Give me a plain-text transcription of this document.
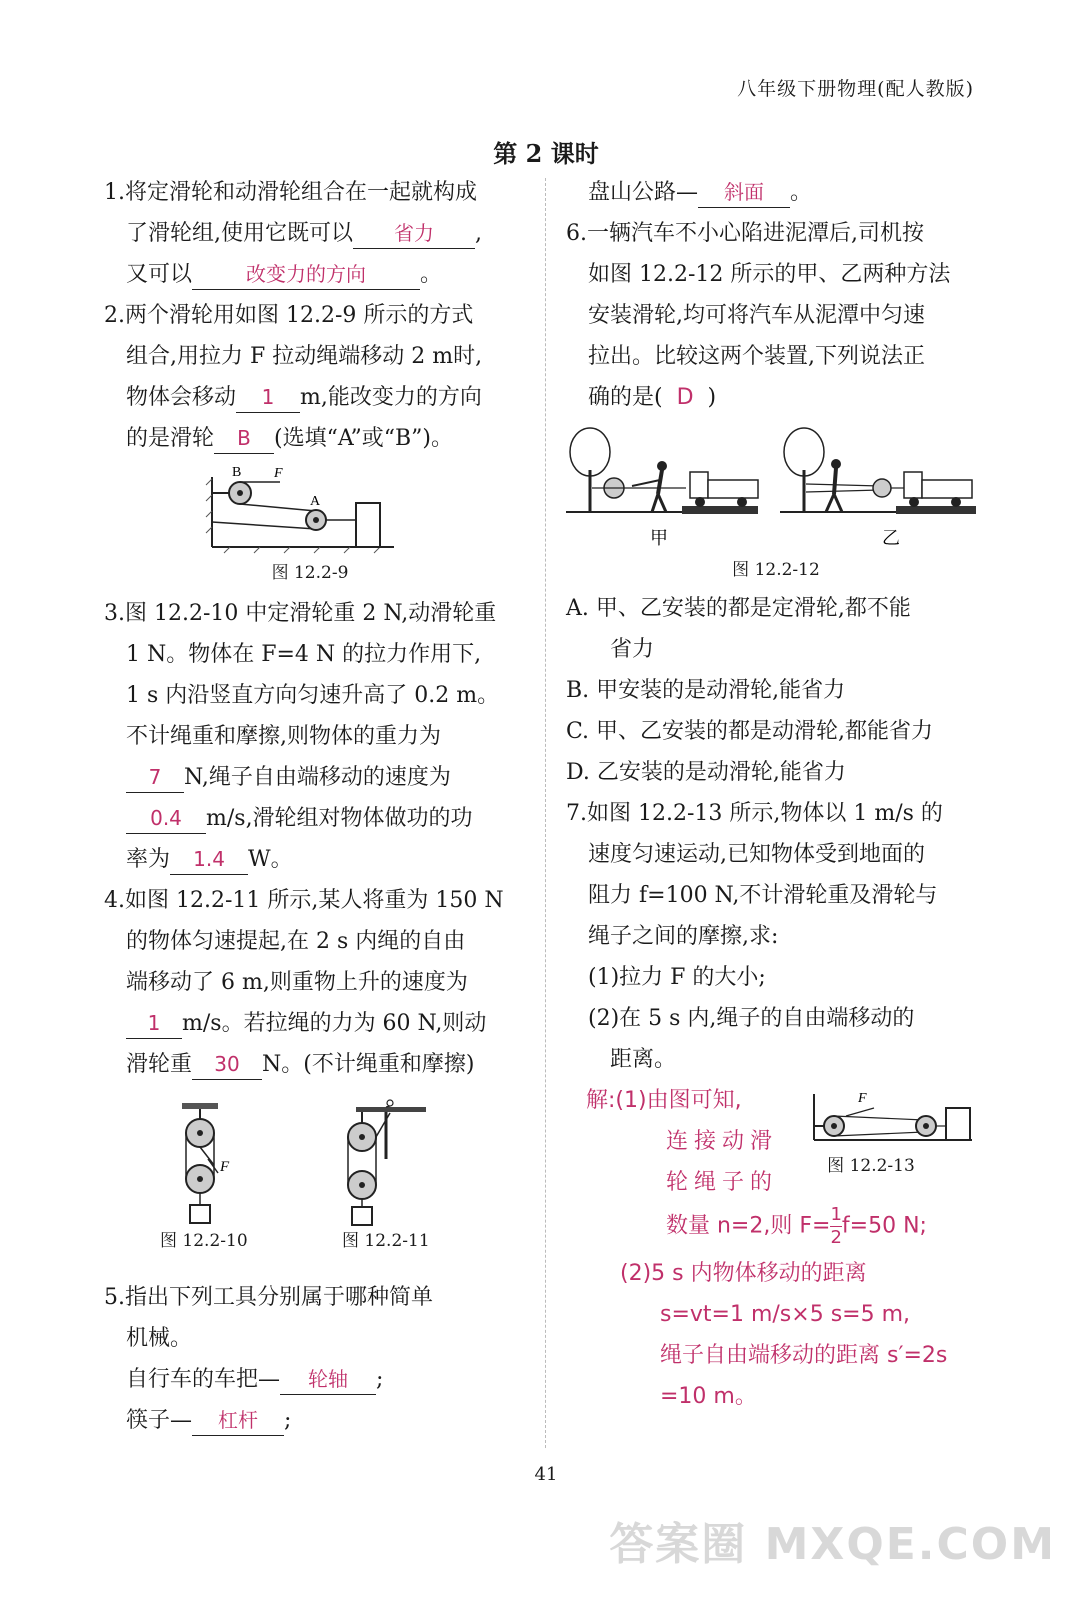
八年级下册物理(配人教版)
第 2 课时

1.将定滑轮和动滑轮组合在一起就构成

了滑轮组,使用它既可以 省力 ,

又可以	改变力的方向 。

2.两个滑轮用如图 12.2-9 所示的方式

组合,用拉力 F 拉动绳端移动 2 m时,

物体会移动 1 m,能改变力的方向

的是滑轮 B (选填“A”或“B”)。

B F
A
图 12.2-9

3.图 12.2-10 中定滑轮重 2 N,动滑轮重

1 N。物体在 F=4 N 的拉力作用下,

1 s 内沿竖直方向匀速升高了 0.2 m。

不计绳重和摩擦,则物体的重力为

7 N,绳子自由端移动的速度为

0.4 m/s,滑轮组对物体做功的功

率为 1.4 W。

4.如图 12.2-11 所示,某人将重为 150 N

的物体匀速提起,在 2 s 内绳的自由

端移动了 6 m,则重物上升的速度为

1 m/s。若拉绳的力为 60 N,则动

滑轮重 30 N。(不计绳重和摩擦)

F
图 12.2-10	图 12.2-11

5.指出下列工具分别属于哪种简单

机械。

自行车的车把— 轮轴 ;

筷子— 杠杆 ;

盘山公路— 斜面 。

6.一辆汽车不小心陷进泥潭后,司机按

如图 12.2-12 所示的甲、乙两种方法

安装滑轮,均可将汽车从泥潭中匀速

拉出。比较这两个装置,下列说法正

确的是( D )

甲	乙
图 12.2-12

A. 甲、乙安装的都是定滑轮,都不能

省力

B. 甲安装的是动滑轮,能省力

C. 甲、乙安装的都是动滑轮,都能省力

D. 乙安装的是动滑轮,能省力

7.如图 12.2-13 所示,物体以 1 m/s 的

速度匀速运动,已知物体受到地面的

阻力 f=100 N,不计滑轮重及滑轮与

绳子之间的摩擦,求:

(1)拉力 F 的大小;

(2)在 5 s 内,绳子的自由端移动的

距离。

解:(1)由图可知,
连接动滑
轮绳子的
F
图 12.2-13

数量 n=2,则 $F= \frac{1}{2} f=50$ N;

(2)5 s 内物体移动的距离

s=vt=1 m/s×5 s=5 m,

绳子自由端移动的距离 s′=2s

=10 m。

41
答案圈 MXQE.COM
